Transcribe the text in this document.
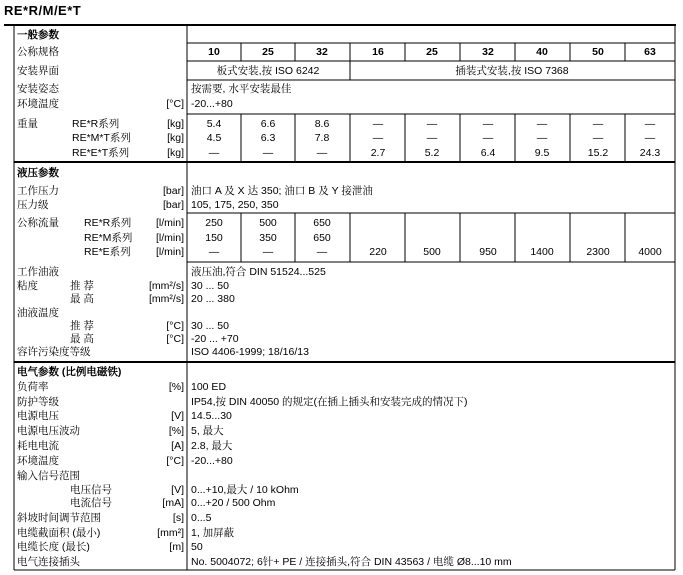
RE*R/M/E*T
一般参数
公称规格	10	25	32	16	25	32	40	50	63
安装界面	板式安装,按 ISO 6242	插装式安装,按 ISO 7368
安装姿态	按需要, 水平安装最佳
环境温度	[°C] -20...+80
重量	RE*R系列	[kg] 5.4	6.6	8.6	—	—	—	—	—	—
RE*M*T系列	[kg] 4.5	6.3	7.8	—	—	—	—	—	—
RE*E*T系列	[kg] —	—	—	2.7	5.2	6.4	9.5	15.2	24.3
液压参数
工作压力	[bar] 油口 A 及 X 达 350; 油口 B 及 Y 接泄油
压力级	[bar] 105, 175, 250, 350
公称流量 RE*R系列 [l/min] 250	500	650
RE*M系列 [l/min] 150	350	650
RE*E系列 [l/min] —	—	—	220	500	950	1400	2300	4000
工作油液	液压油,符合 DIN 51524...525
粘度	推 荐	[mm²/s] 30 ... 50
最 高	[mm²/s] 20 ... 380
油液温度
推 荐	[°C] 30 ... 50
最 高	[°C] -20 ... +70
容许污染度等级	ISO 4406-1999; 18/16/13
电气参数 (比例电磁铁)
负荷率	[%] 100 ED
防护等级	IP54,按 DIN 40050 的规定(在插上插头和安装完成的情况下)
电源电压	[V] 14.5...30
电源电压波动	[%] 5, 最大
耗电电流	[A] 2.8, 最大
环境温度	[°C] -20...+80
输入信号范围
电压信号	[V] 0...+10,最大 / 10 kOhm
电流信号	[mA] 0...+20 / 500 Ohm
斜坡时间调节范围	[s] 0...5
电缆截面积 (最小)	[mm²] 1, 加屏蔽
电缆长度 (最长)	[m] 50
电气连接插头	No. 5004072; 6针+ PE / 连接插头,符合 DIN 43563 / 电缆 Ø8...10 mm
